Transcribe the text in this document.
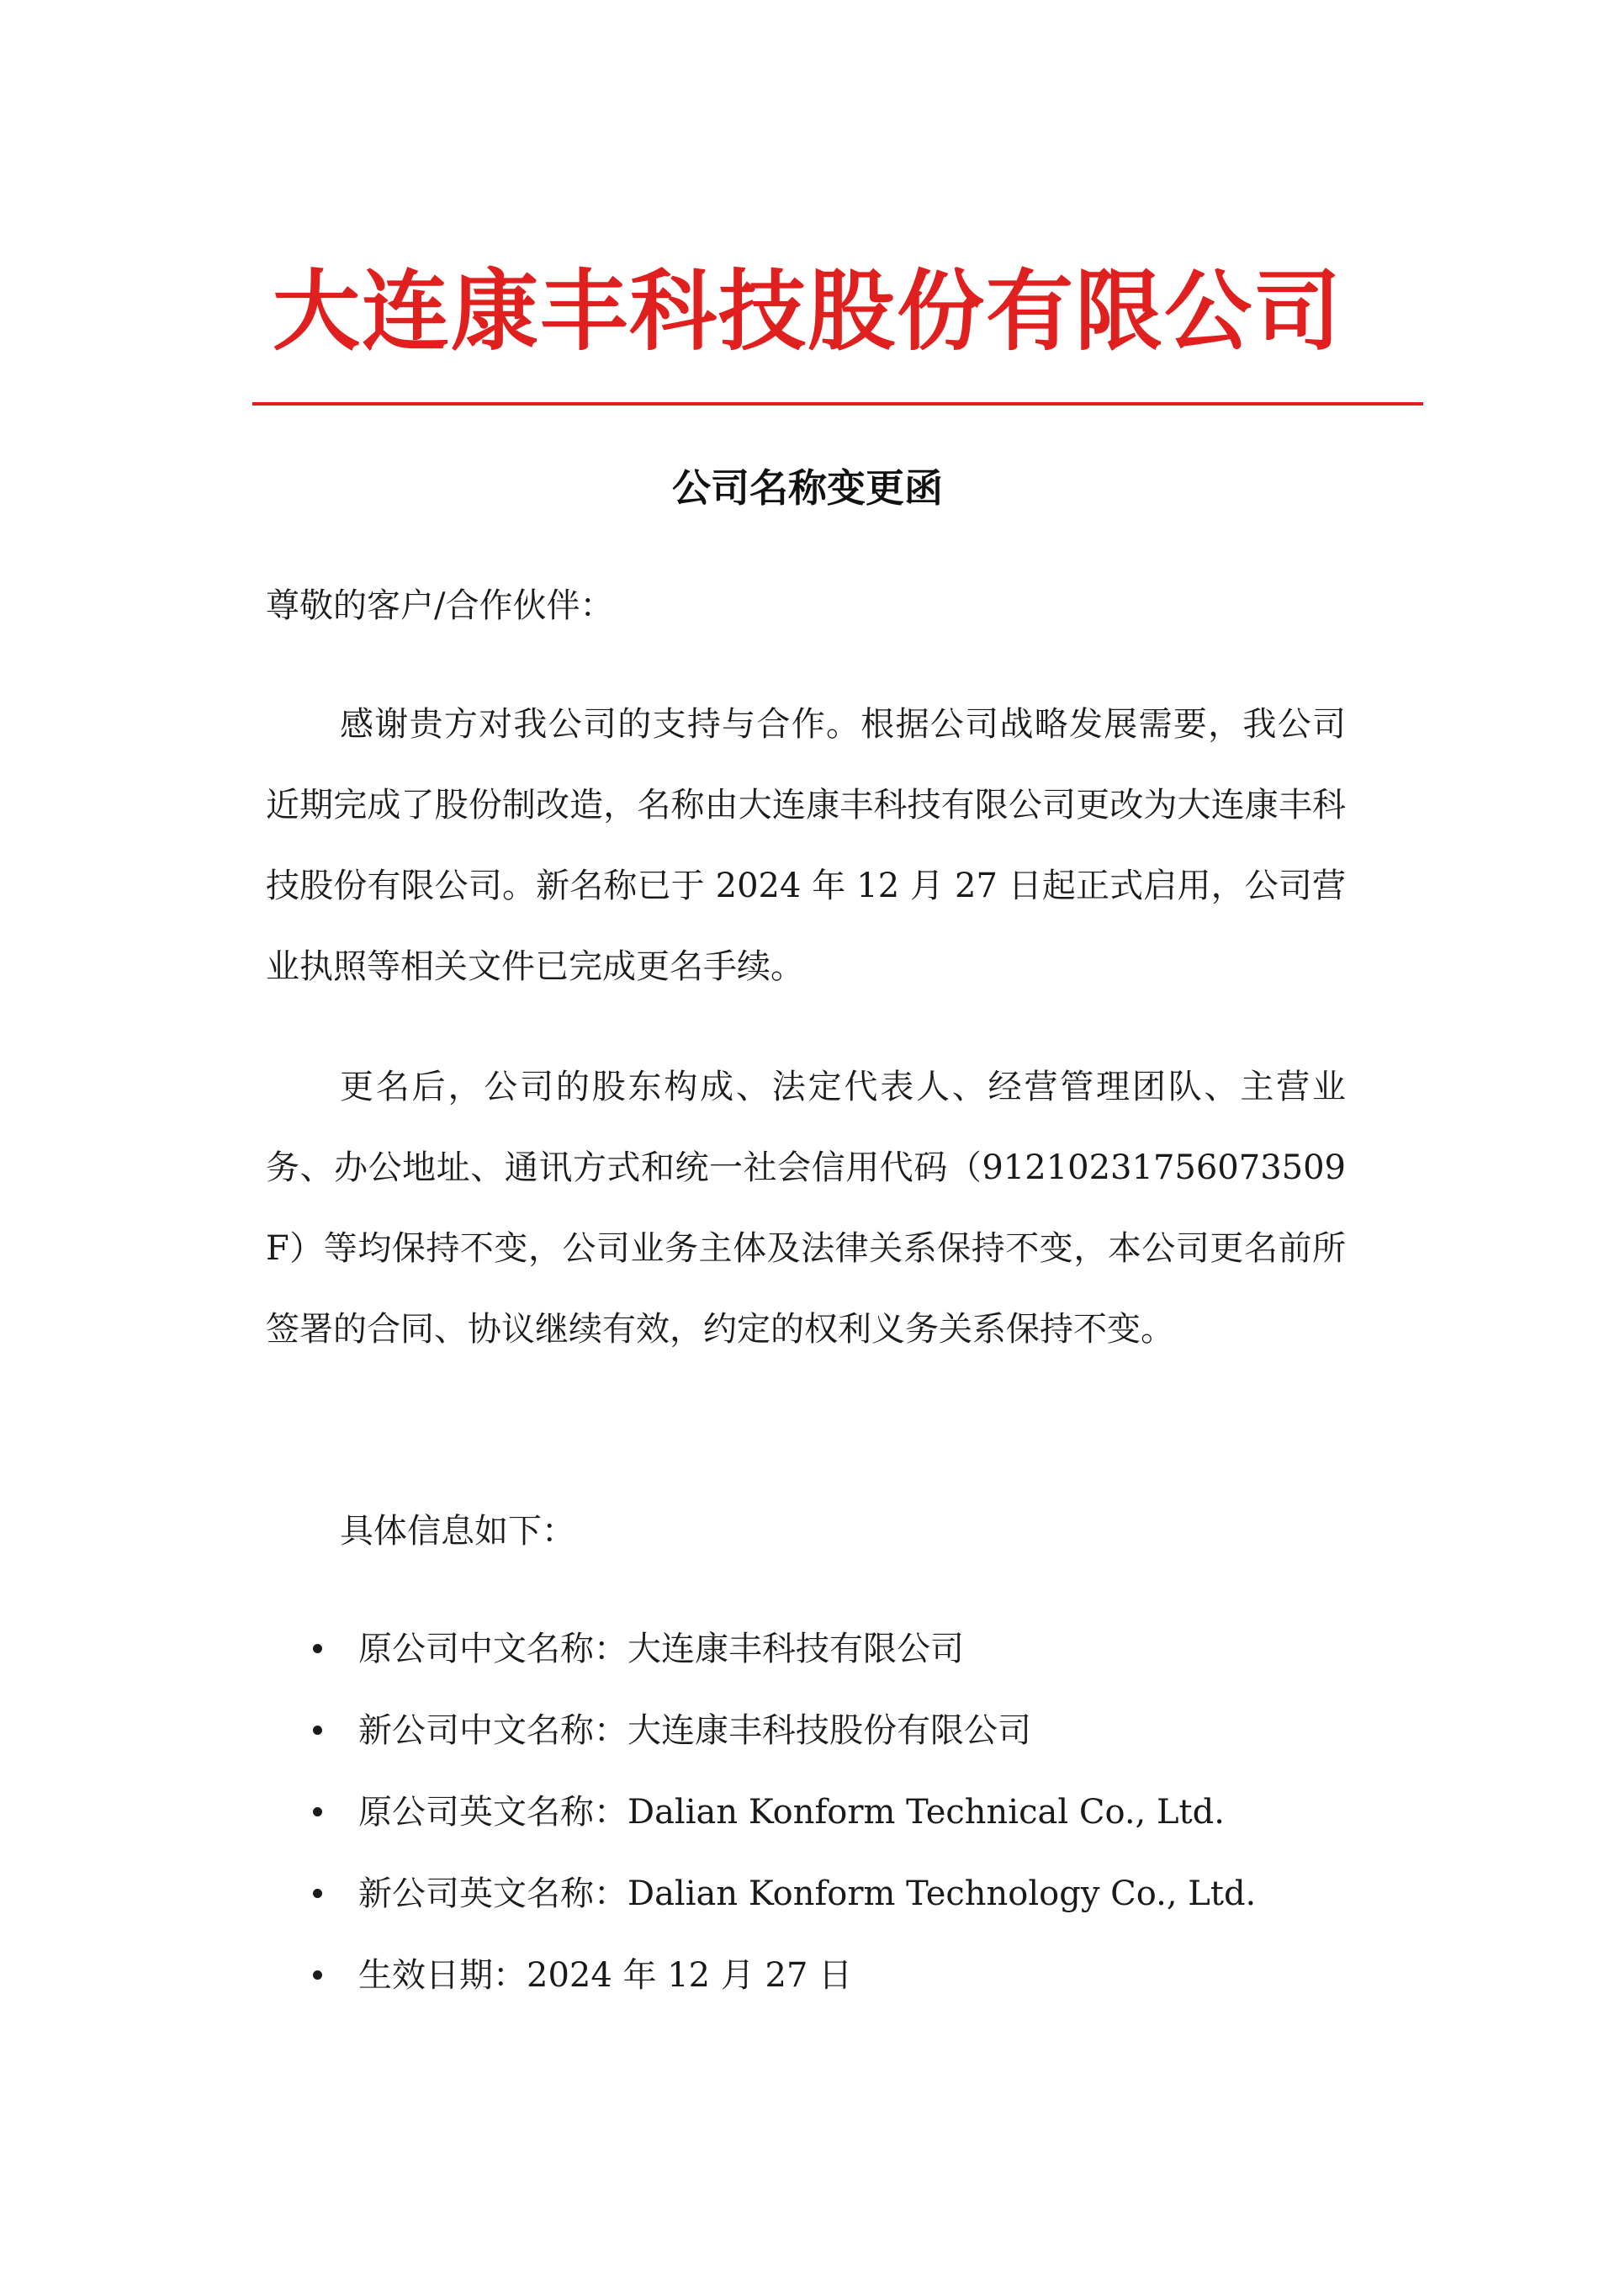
大连康丰科技股份有限公司
公司名称变更函
尊敬的客户/合作伙伴：

感谢贵方对我公司的支持与合作。根据公司战略发展需要，我公司近期完成了股份制改造，名称由大连康丰科技有限公司更改为大连康丰科技股份有限公司。新名称已于 2024 年 12 月 27 日起正式启用，公司营业执照等相关文件已完成更名手续。

更名后，公司的股东构成、法定代表人、经营管理团队、主营业务、办公地址、通讯方式和统一社会信用代码（91210231756073509F）等均保持不变，公司业务主体及法律关系保持不变，本公司更名前所签署的合同、协议继续有效，约定的权利义务关系保持不变。

具体信息如下：
原公司中文名称：大连康丰科技有限公司
新公司中文名称：大连康丰科技股份有限公司
原公司英文名称：Dalian Konform Technical Co., Ltd.
新公司英文名称：Dalian Konform Technology Co., Ltd.
生效日期：2024 年 12 月 27 日
